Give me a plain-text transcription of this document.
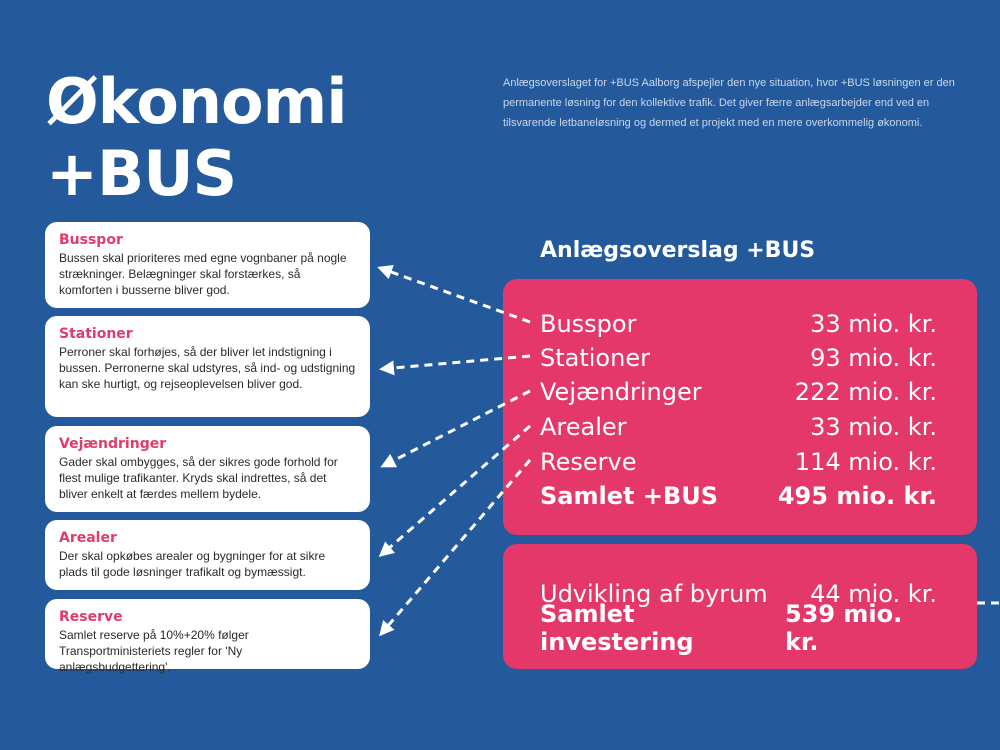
Økonomi
+BUS
Anlægsoverslaget for +BUS Aalborg afspejler den nye situation, hvor +BUS løsningen er den permanente løsning for den kollektive trafik. Det giver færre anlægsarbejder end ved en tilsvarende letbaneløsning og dermed et projekt med en mere overkommelig økonomi.
Busspor

Bussen skal prioriteres med egne vognbaner på nogle strækninger. Belægninger skal forstærkes, så komforten i busserne bliver god.

Stationer

Perroner skal forhøjes, så der bliver let indstigning i bussen. Perronerne skal udstyres, så ind- og udstigning kan ske hurtigt, og rejseoplevelsen bliver god.

Vejændringer

Gader skal ombygges, så der sikres gode forhold for flest mulige trafikanter. Kryds skal indrettes, så det bliver enkelt at færdes mellem bydele.

Arealer

Der skal opkøbes arealer og bygninger for at sikre plads til gode løsninger trafikalt og bymæssigt.

Reserve

Samlet reserve på 10%+20% følger Transportministeriets regler for 'Ny anlægsbudgettering'.

Anlægsoverslag +BUS
Busspor	33 mio. kr.
Stationer	93 mio. kr.
Vejændringer	222 mio. kr.
Arealer	33 mio. kr.
Reserve	114 mio. kr.
Samlet +BUS 495 mio. kr.
Udvikling af byrum 44 mio. kr.
Samlet investering
539 mio. kr.
